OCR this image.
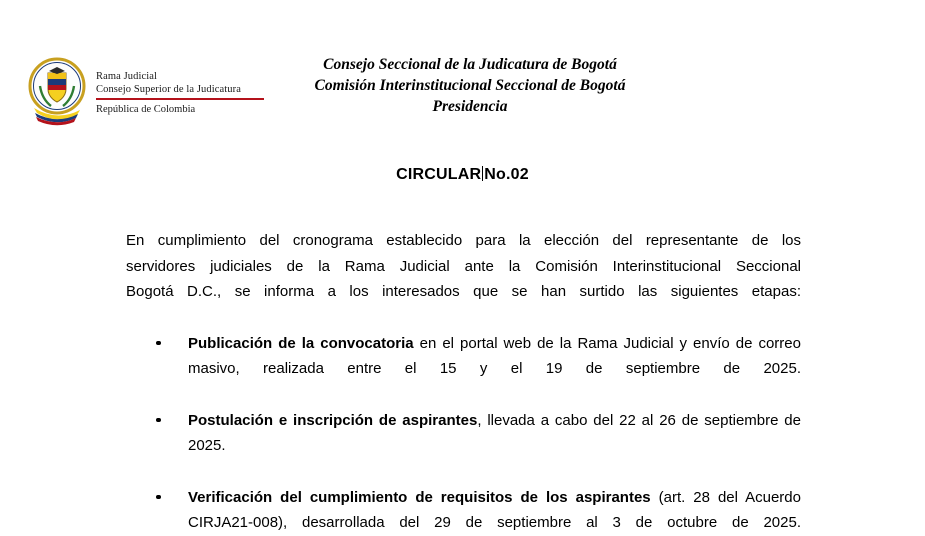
Rama Judicial
Consejo Superior de la Judicatura
República de Colombia
Consejo Seccional de la Judicatura de Bogotá
Comisión Interinstitucional Seccional de Bogotá
Presidencia
CIRCULAR No.02
En cumplimiento del cronograma establecido para la elección del representante de los
servidores judiciales de la Rama Judicial ante la Comisión Interinstitucional Seccional
Bogotá D.C., se informa a los interesados que se han surtido las siguientes etapas:
Publicación de la convocatoria en el portal web de la Rama Judicial y envío de correo masivo, realizada entre el 15 y el 19 de septiembre de 2025.
Postulación e inscripción de aspirantes, llevada a cabo del 22 al 26 de septiembre de 2025.
Verificación del cumplimiento de requisitos de los aspirantes (art. 28 del Acuerdo CIRJA21-008), desarrollada del 29 de septiembre al 3 de octubre de 2025.
